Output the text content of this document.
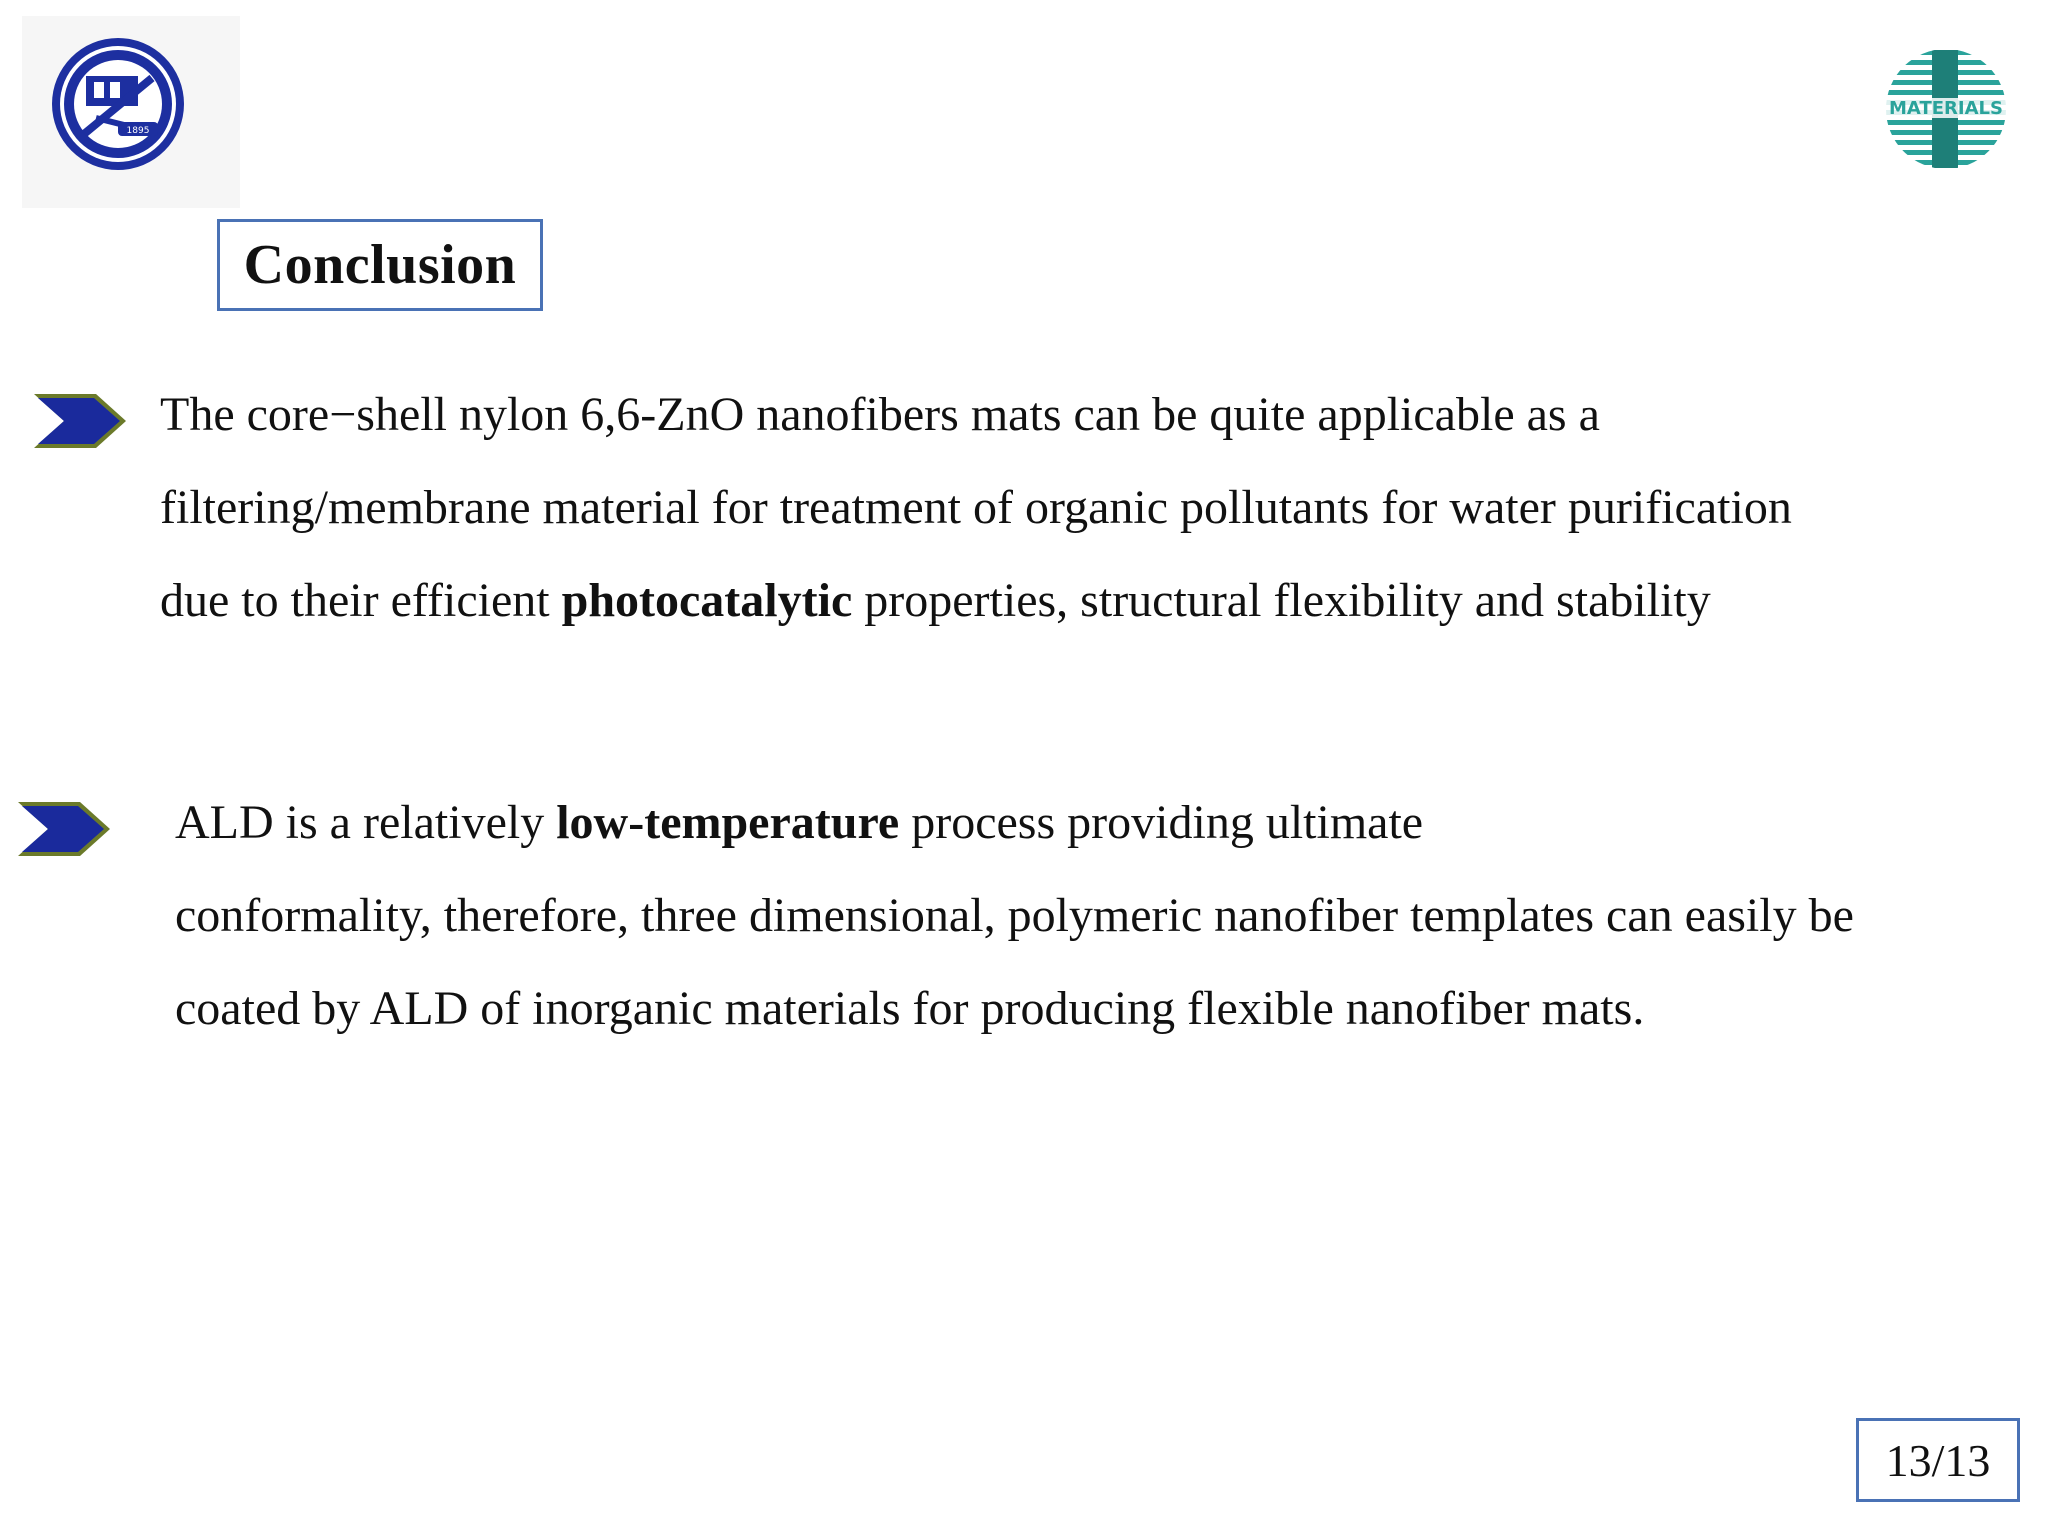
1895
MATERIALS
Conclusion
The core−shell nylon 6,6-ZnO nanofibers mats can be quite applicable as a
filtering/membrane material for treatment of organic pollutants for water purification
due to their efficient photocatalytic properties, structural flexibility and stability
ALD is a relatively low-temperature process providing ultimate
conformality, therefore, three dimensional, polymeric nanofiber templates can easily be
coated by ALD of inorganic materials for producing flexible nanofiber mats.
13/13
